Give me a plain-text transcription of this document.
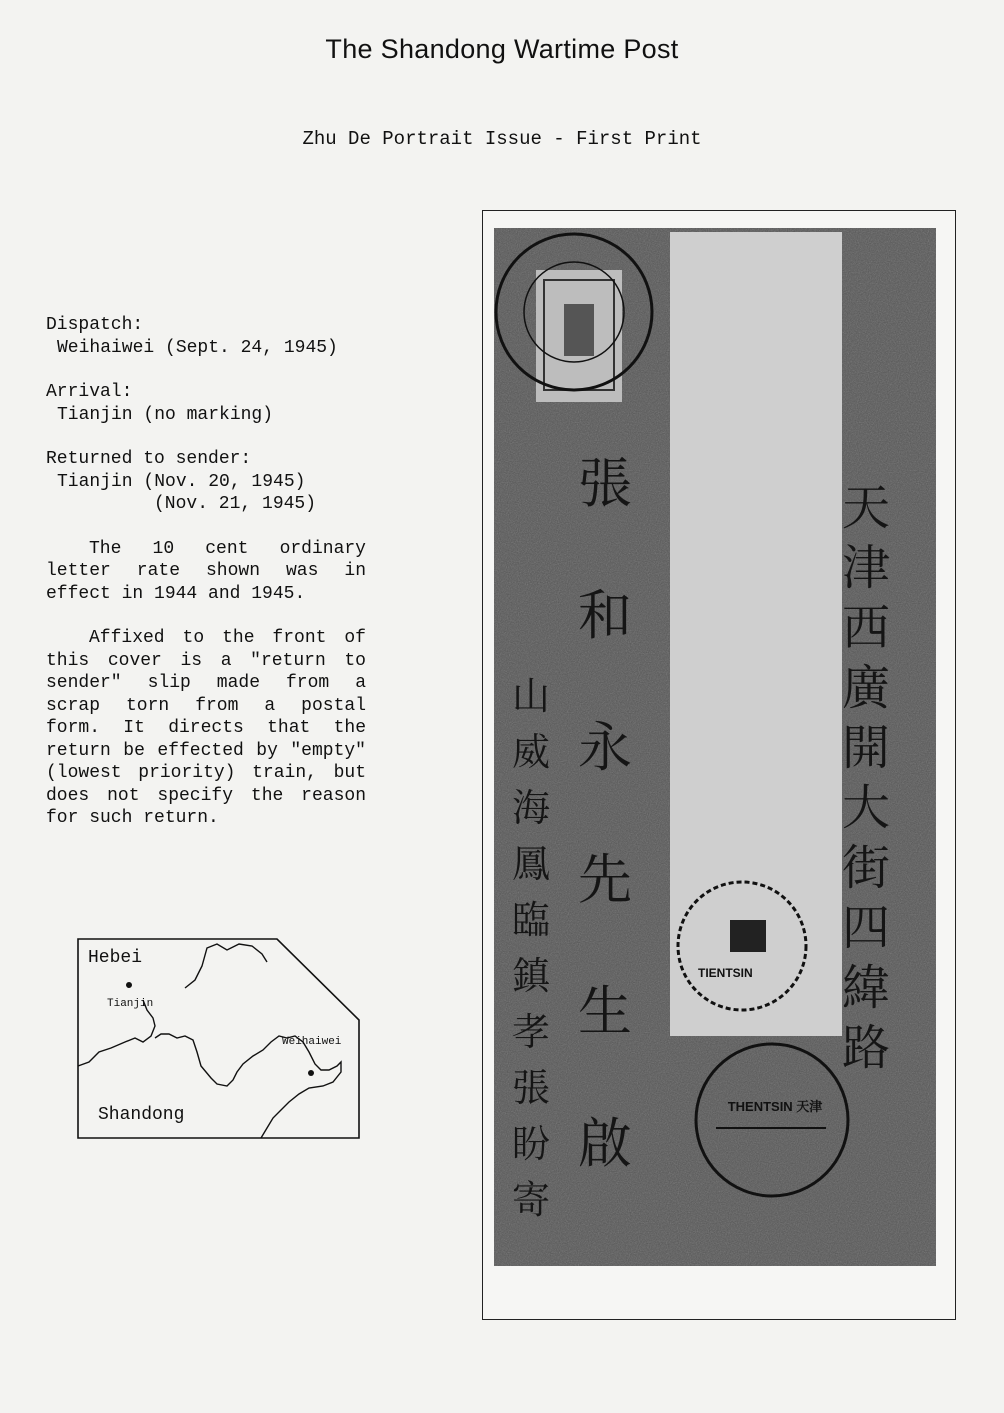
The Shandong Wartime Post
Zhu De Portrait Issue - First Print
Dispatch:
Weihaiwei (Sept. 24, 1945)
Arrival:
Tianjin (no marking)
Returned to sender:
Tianjin (Nov. 20, 1945)
(Nov. 21, 1945)
The 10 cent ordinary letter rate shown was in effect in 1944 and 1945.
Affixed to the front of this cover is a "return to sender" slip made from a scrap torn from a postal form. It directs that the return be effected by "empty" (lowest priority) train, but does not specify the reason for such return.
Hebei
Tianjin
Weihaiwei
Shandong
天津西廣開大街四緯路
張和永先生啟
山威海鳳臨鎮孝張盼寄
TIENTSIN
THENTSIN 天津
